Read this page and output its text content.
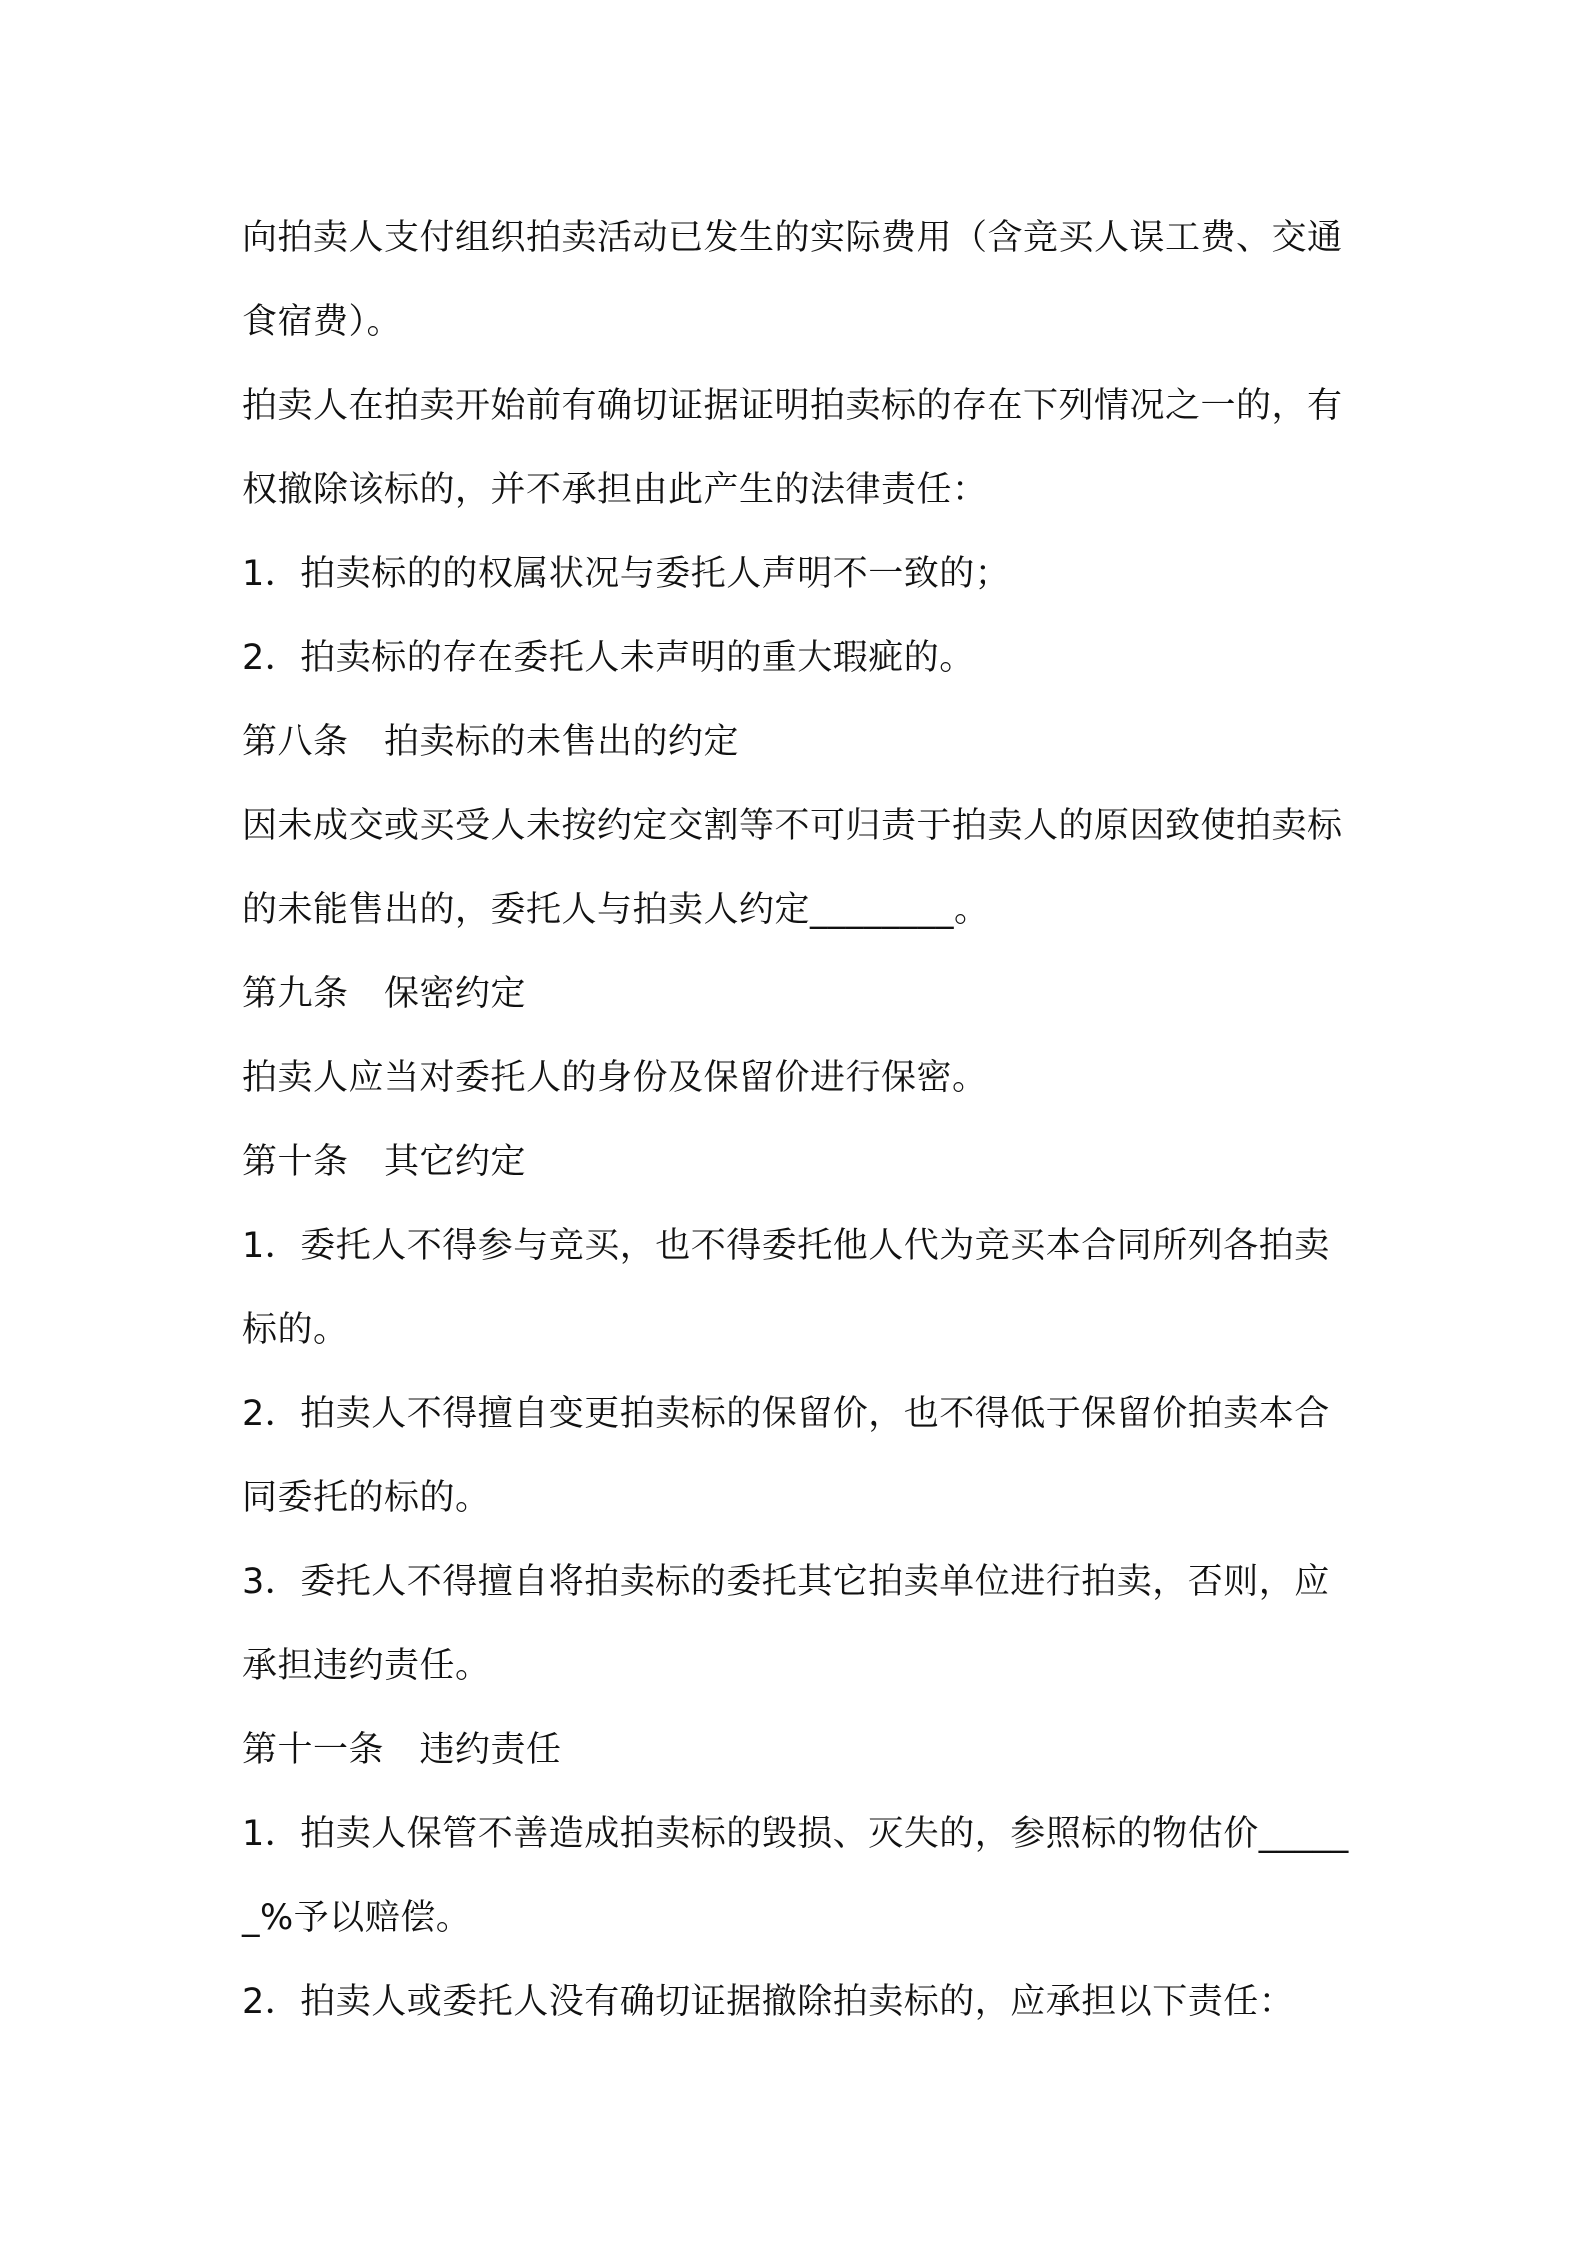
向拍卖人支付组织拍卖活动已发生的实际费用（含竞买人误工费、交通食宿费）。

拍卖人在拍卖开始前有确切证据证明拍卖标的存在下列情况之一的，有权撤除该标的，并不承担由此产生的法律责任：

1．拍卖标的的权属状况与委托人声明不一致的；

2．拍卖标的存在委托人未声明的重大瑕疵的。

第八条　拍卖标的未售出的约定

因未成交或买受人未按约定交割等不可归责于拍卖人的原因致使拍卖标的未能售出的，委托人与拍卖人约定________。

第九条　保密约定

拍卖人应当对委托人的身份及保留价进行保密。

第十条　其它约定

1．委托人不得参与竞买，也不得委托他人代为竞买本合同所列各拍卖标的。

2．拍卖人不得擅自变更拍卖标的保留价，也不得低于保留价拍卖本合同委托的标的。

3．委托人不得擅自将拍卖标的委托其它拍卖单位进行拍卖，否则，应承担违约责任。

第十一条　违约责任

1．拍卖人保管不善造成拍卖标的毁损、灭失的，参照标的物估价______%予以赔偿。

2．拍卖人或委托人没有确切证据撤除拍卖标的，应承担以下责任：
